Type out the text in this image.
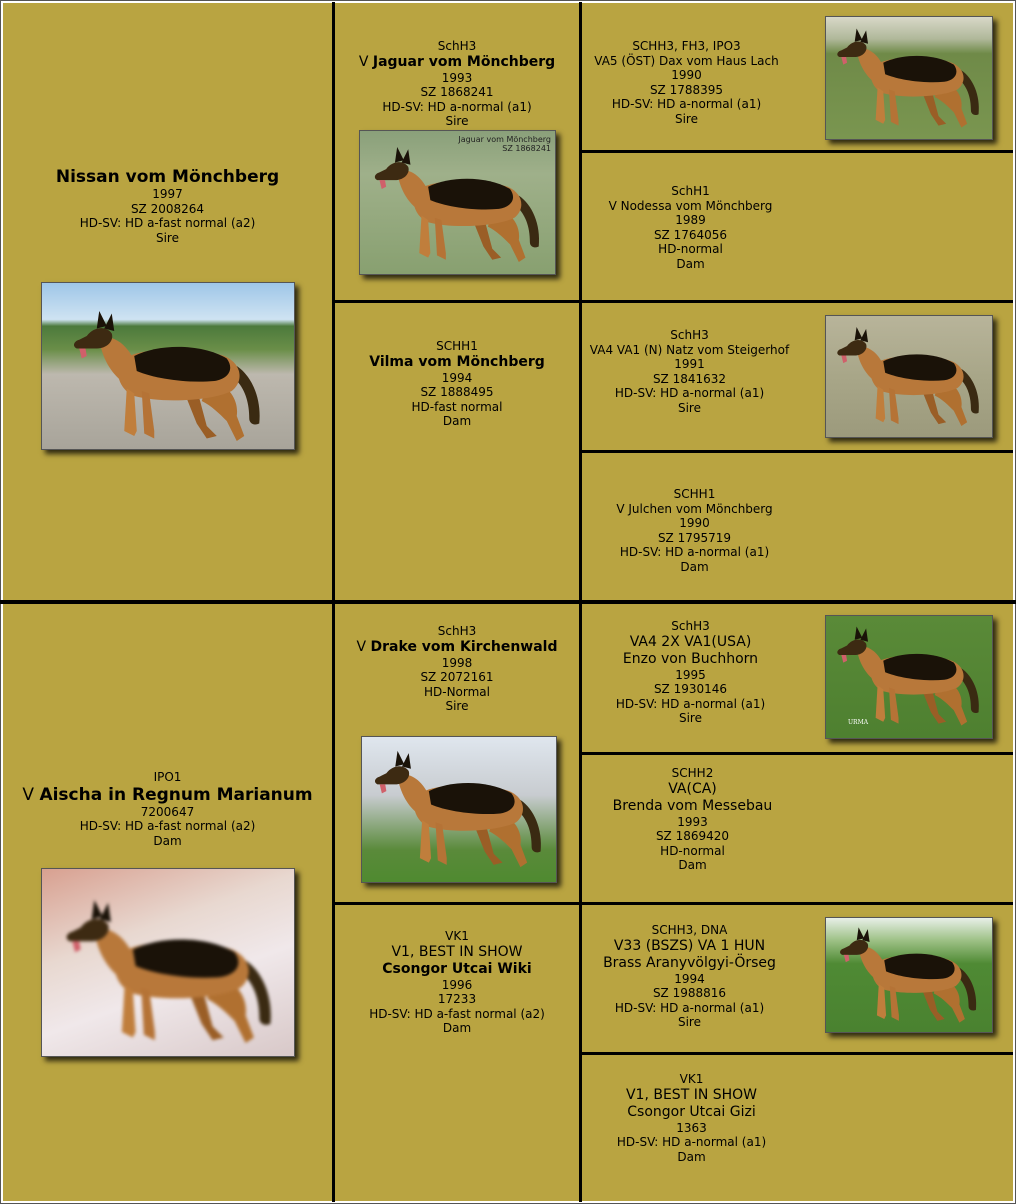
Nissan vom Mönchberg
1997
SZ 2008264
HD-SV: HD a-fast normal (a2)
Sire
SchH3
V Jaguar vom Mönchberg
1993
SZ 1868241
HD-SV: HD a-normal (a1)
Sire
Jaguar vom Mönchberg
SZ 1868241
SCHH1
Vilma vom Mönchberg
1994
SZ 1888495
HD-fast normal
Dam
SCHH3, FH3, IPO3
VA5 (ÖST) Dax vom Haus Lach
1990
SZ 1788395
HD-SV: HD a-normal (a1)
Sire
SchH1
V Nodessa vom Mönchberg
1989
SZ 1764056
HD-normal
Dam
SchH3
VA4 VA1 (N) Natz vom Steigerhof
1991
SZ 1841632
HD-SV: HD a-normal (a1)
Sire
SCHH1
V Julchen vom Mönchberg
1990
SZ 1795719
HD-SV: HD a-normal (a1)
Dam
IPO1
V Aischa in Regnum Marianum
7200647
HD-SV: HD a-fast normal (a2)
Dam
SchH3
V Drake vom Kirchenwald
1998
SZ 2072161
HD-Normal
Sire
VK1
V1, BEST IN SHOW
Csongor Utcai Wiki
1996
17233
HD-SV: HD a-fast normal (a2)
Dam
SchH3
VA4 2X VA1(USA)
Enzo von Buchhorn
1995
SZ 1930146
HD-SV: HD a-normal (a1)
Sire	URMA
SCHH2
VA(CA)
Brenda vom Messebau
1993
SZ 1869420
HD-normal
Dam
SCHH3, DNA
V33 (BSZS) VA 1 HUN
Brass Aranyvölgyi-Örseg
1994
SZ 1988816
HD-SV: HD a-normal (a1)
Sire
VK1
V1, BEST IN SHOW
Csongor Utcai Gizi
1363
HD-SV: HD a-normal (a1)
Dam
